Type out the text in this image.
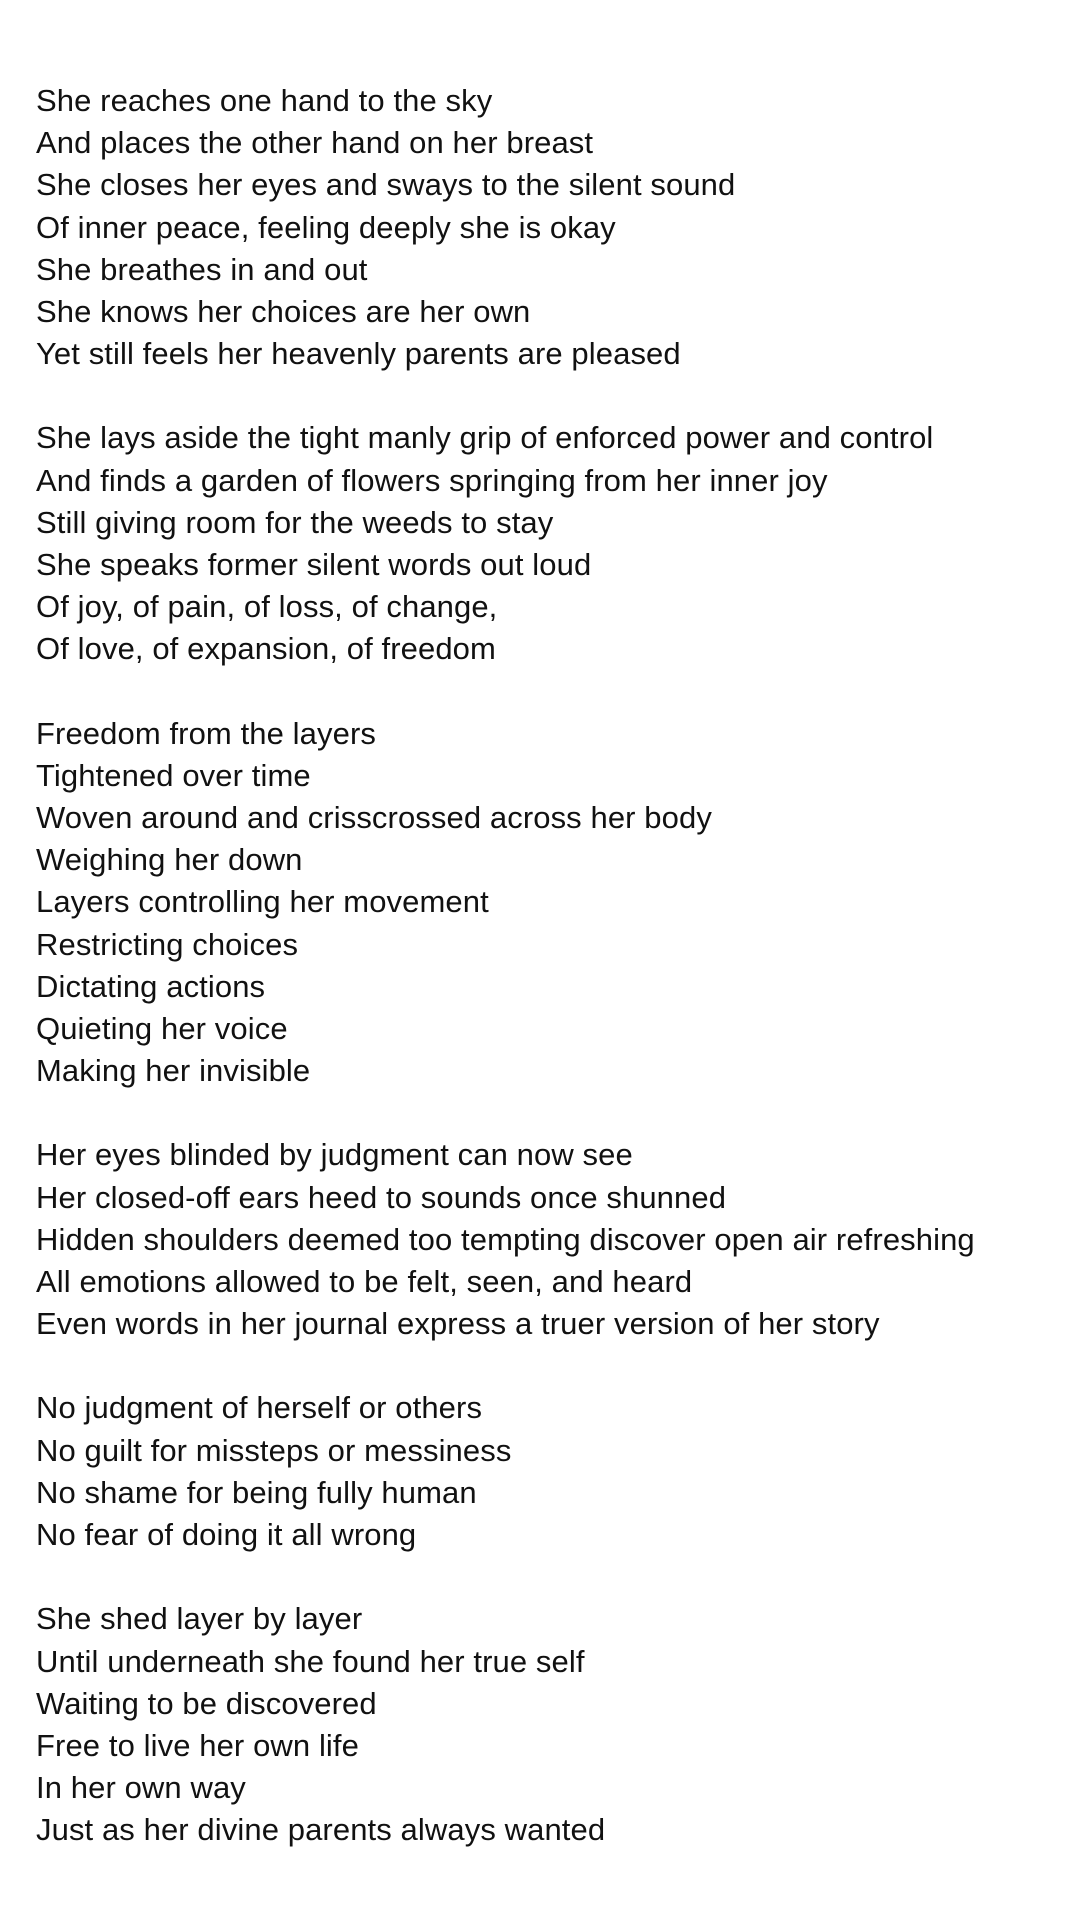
She reaches one hand to the sky
And places the other hand on her breast
She closes her eyes and sways to the silent sound
Of inner peace, feeling deeply she is okay
She breathes in and out
She knows her choices are her own
Yet still feels her heavenly parents are pleased
She lays aside the tight manly grip of enforced power and control
And finds a garden of flowers springing from her inner joy
Still giving room for the weeds to stay
She speaks former silent words out loud
Of joy, of pain, of loss, of change,
Of love, of expansion, of freedom
Freedom from the layers
Tightened over time
Woven around and crisscrossed across her body
Weighing her down
Layers controlling her movement
Restricting choices
Dictating actions
Quieting her voice
Making her invisible
Her eyes blinded by judgment can now see
Her closed-off ears heed to sounds once shunned
Hidden shoulders deemed too tempting discover open air refreshing
All emotions allowed to be felt, seen, and heard
Even words in her journal express a truer version of her story
No judgment of herself or others
No guilt for missteps or messiness
No shame for being fully human
No fear of doing it all wrong
She shed layer by layer
Until underneath she found her true self
Waiting to be discovered
Free to live her own life
In her own way
Just as her divine parents always wanted
